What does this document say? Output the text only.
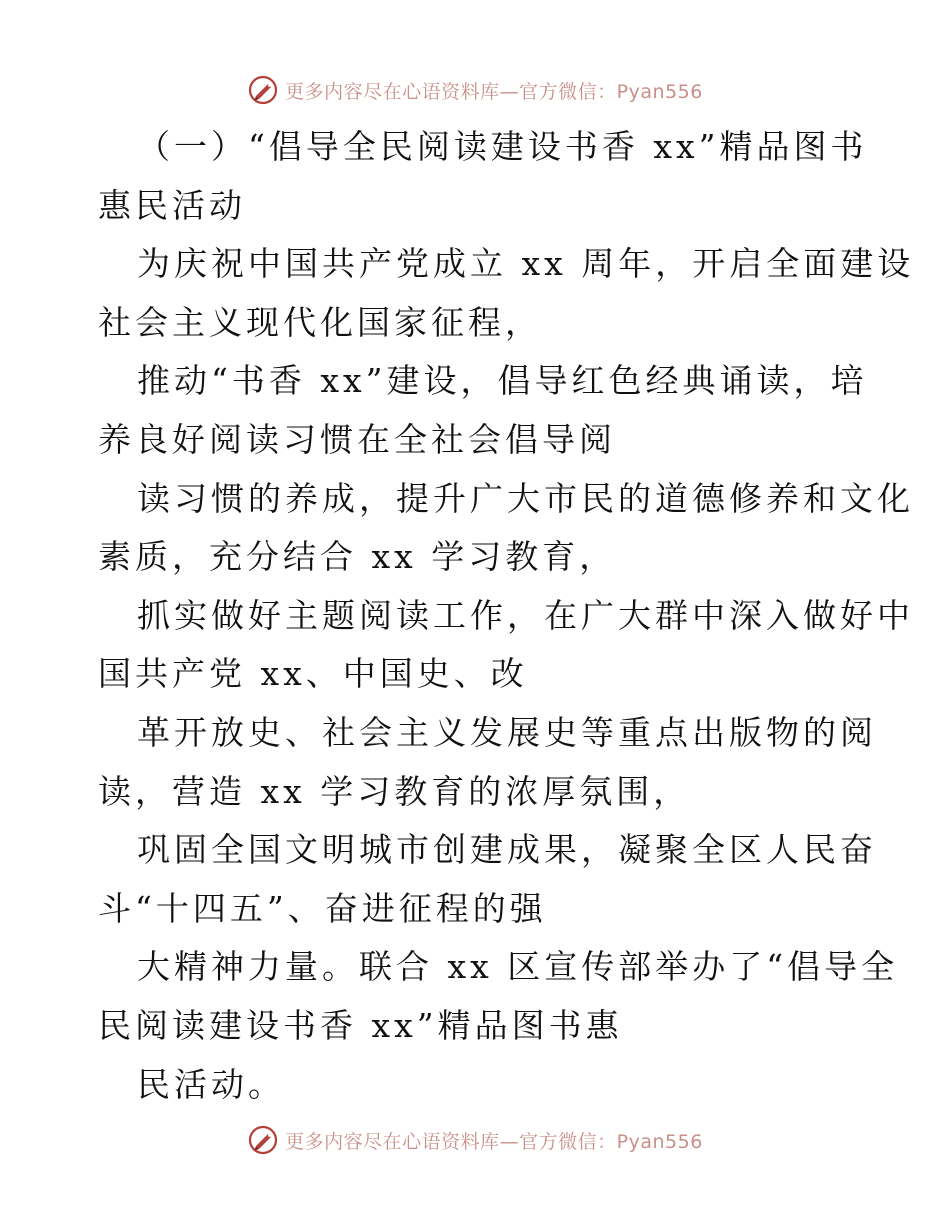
更多内容尽在心语资料库—官方微信：Pyan556
（一）“倡导全民阅读建设书香 xx”精品图书
惠民活动
为庆祝中国共产党成立 xx 周年，开启全面建设
社会主义现代化国家征程，
推动“书香 xx”建设，倡导红色经典诵读，培
养良好阅读习惯在全社会倡导阅
读习惯的养成，提升广大市民的道德修养和文化
素质，充分结合 xx 学习教育，
抓实做好主题阅读工作，在广大群中深入做好中
国共产党 xx、中国史、改
革开放史、社会主义发展史等重点出版物的阅
读，营造 xx 学习教育的浓厚氛围，
巩固全国文明城市创建成果，凝聚全区人民奋
斗“十四五”、奋进征程的强
大精神力量。联合 xx 区宣传部举办了“倡导全
民阅读建设书香 xx”精品图书惠
民活动。
更多内容尽在心语资料库—官方微信：Pyan556
